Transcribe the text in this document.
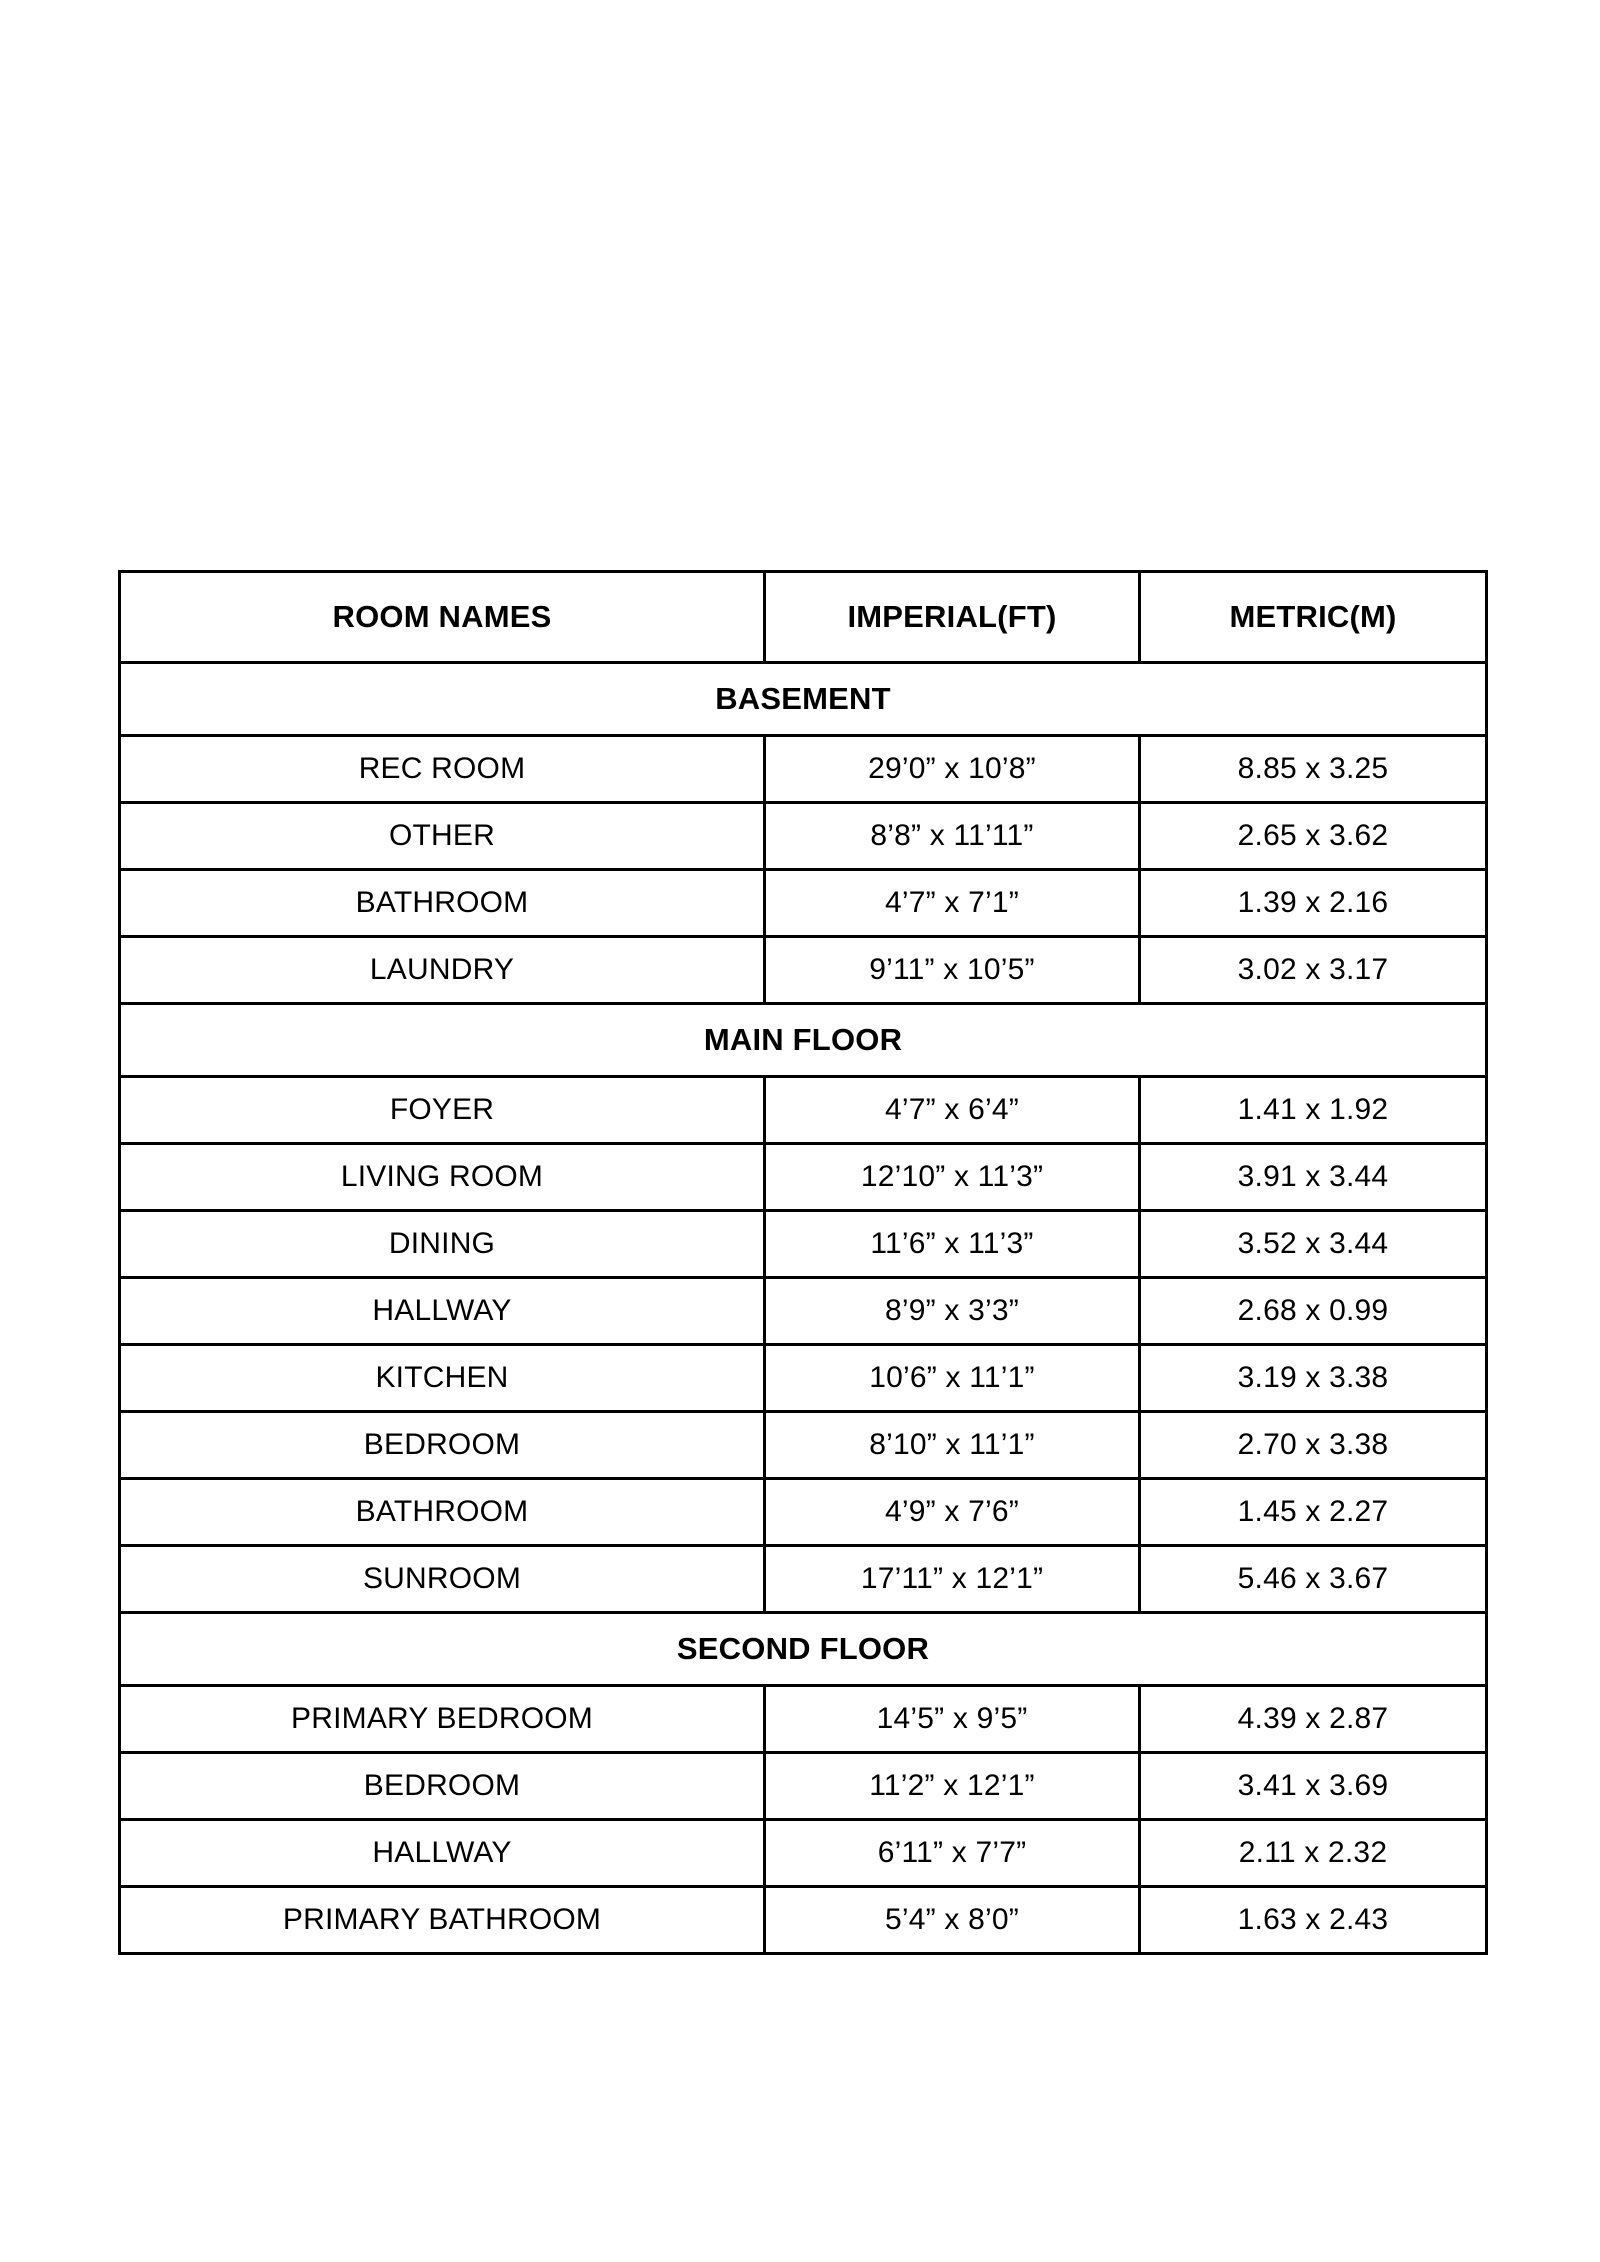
ROOM NAMES	IMPERIAL(FT)	METRIC(M)
BASEMENT		
REC ROOM	29’0” x 10’8”	8.85 x 3.25
OTHER	8’8” x 11’11”	2.65 x 3.62
BATHROOM	4’7” x 7’1”	1.39 x 2.16
LAUNDRY	9’11” x 10’5”	3.02 x 3.17
MAIN FLOOR		
FOYER	4’7” x 6’4”	1.41 x 1.92
LIVING ROOM	12’10” x 11’3”	3.91 x 3.44
DINING	11’6” x 11’3”	3.52 x 3.44
HALLWAY	8’9” x 3’3”	2.68 x 0.99
KITCHEN	10’6” x 11’1”	3.19 x 3.38
BEDROOM	8’10” x 11’1”	2.70 x 3.38
BATHROOM	4’9” x 7’6”	1.45 x 2.27
SUNROOM	17’11” x 12’1”	5.46 x 3.67
SECOND FLOOR		
PRIMARY BEDROOM	14’5” x 9’5”	4.39 x 2.87
BEDROOM	11’2” x 12’1”	3.41 x 3.69
HALLWAY	6’11” x 7’7”	2.11 x 2.32
PRIMARY BATHROOM	5’4” x 8’0”	1.63 x 2.43
